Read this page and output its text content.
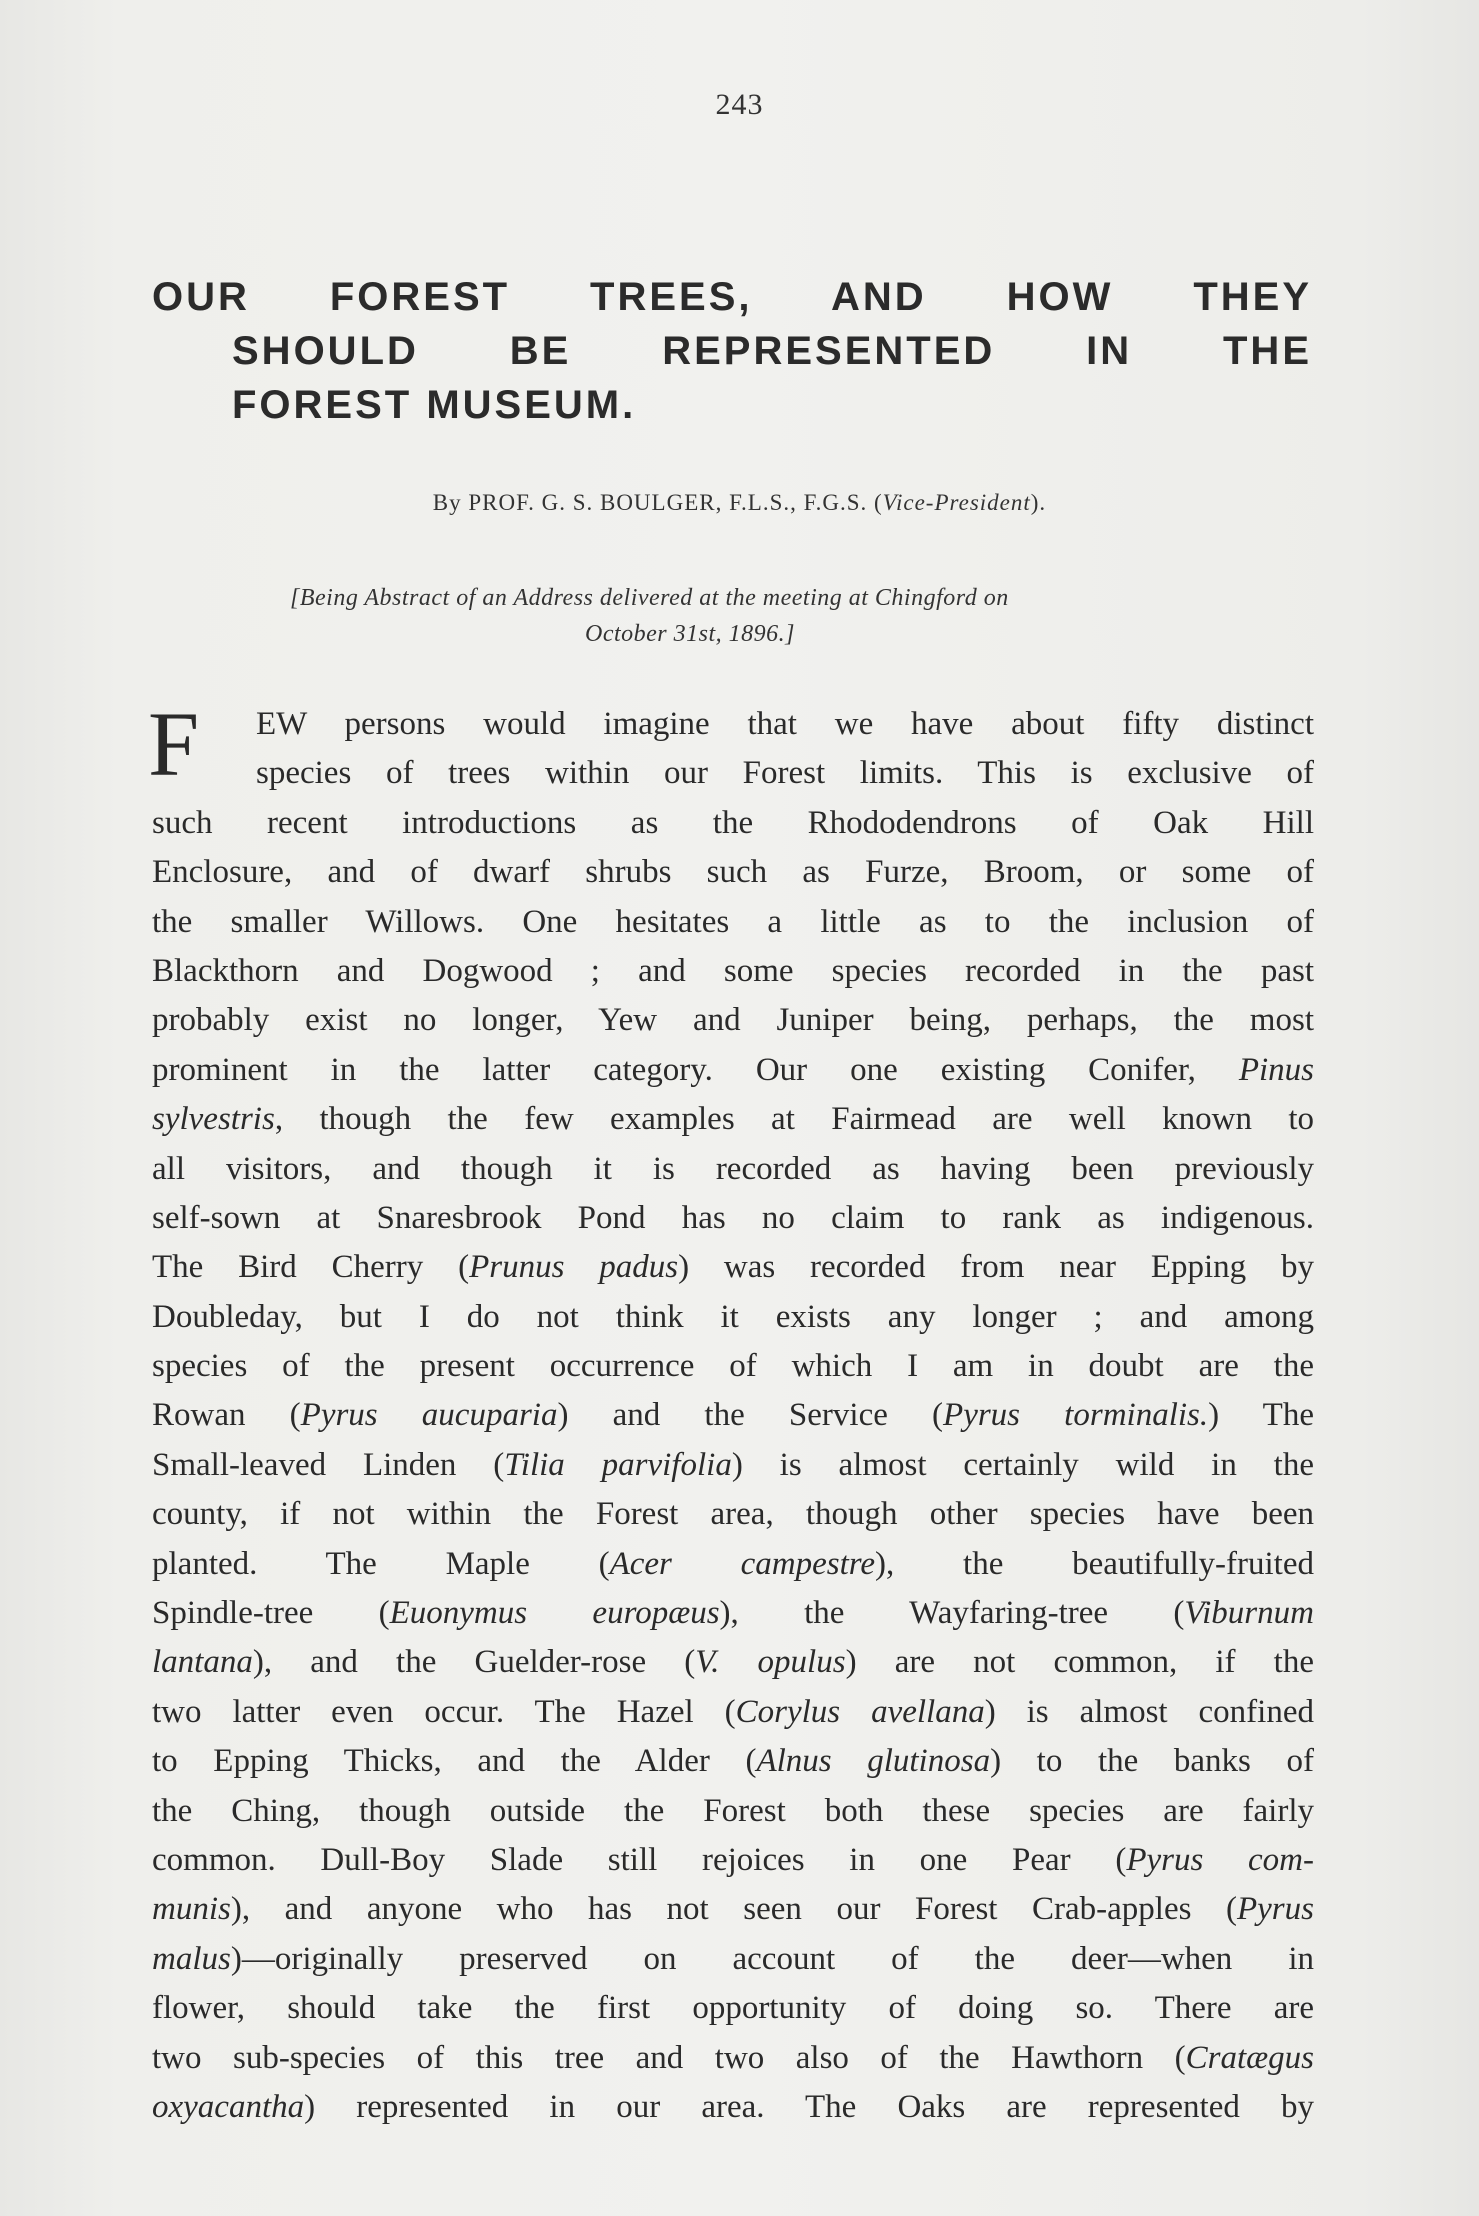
243
OUR FOREST TREES, AND HOW THEY
SHOULD BE REPRESENTED IN THE
FOREST MUSEUM.
By PROF. G. S. BOULGER, F.L.S., F.G.S. (Vice-President).
[Being Abstract of an Address delivered at the meeting at Chingford on
October 31st, 1896.]
F	EW persons would imagine that we have about fifty distinct
species of trees within our Forest limits. This is exclusive of
such recent introductions as the Rhododendrons of Oak Hill
Enclosure, and of dwarf shrubs such as Furze, Broom, or some of
the smaller Willows. One hesitates a little as to the inclusion of
Blackthorn and Dogwood ; and some species recorded in the past
probably exist no longer, Yew and Juniper being, perhaps, the most
prominent in the latter category. Our one existing Conifer, Pinus
sylvestris, though the few examples at Fairmead are well known to
all visitors, and though it is recorded as having been previously
self-sown at Snaresbrook Pond has no claim to rank as indigenous.
The Bird Cherry (Prunus padus) was recorded from near Epping by
Doubleday, but I do not think it exists any longer ; and among
species of the present occurrence of which I am in doubt are the
Rowan (Pyrus aucuparia) and the Service (Pyrus torminalis.) The
Small-leaved Linden (Tilia parvifolia) is almost certainly wild in the
county, if not within the Forest area, though other species have been
planted. The Maple (Acer campestre), the beautifully-fruited
Spindle-tree (Euonymus europæus), the Wayfaring-tree (Viburnum
lantana), and the Guelder-rose (V. opulus) are not common, if the
two latter even occur. The Hazel (Corylus avellana) is almost confined
to Epping Thicks, and the Alder (Alnus glutinosa) to the banks of
the Ching, though outside the Forest both these species are fairly
common. Dull-Boy Slade still rejoices in one Pear (Pyrus com-
munis), and anyone who has not seen our Forest Crab-apples (Pyrus
malus)—originally preserved on account of the deer—when in
flower, should take the first opportunity of doing so. There are
two sub-species of this tree and two also of the Hawthorn (Cratægus
oxyacantha) represented in our area. The Oaks are represented by
